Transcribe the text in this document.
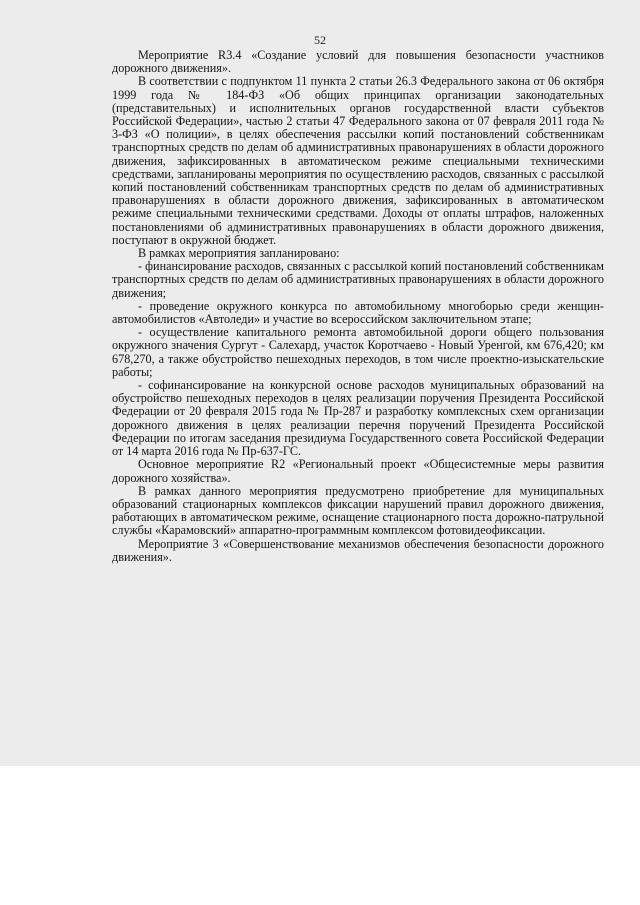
52

Мероприятие R3.4 «Создание условий для повышения безопасности участников дорожного движения».

В соответствии с подпунктом 11 пункта 2 статьи 26.3 Федерального закона от 06 октября 1999 года № 184-ФЗ «Об общих принципах организации законодательных (представительных) и исполнительных органов государственной власти субъектов Российской Федерации», частью 2 статьи 47 Федерального закона от 07 февраля 2011 года № 3-ФЗ «О полиции», в целях обеспечения рассылки копий постановлений собственникам транспортных средств по делам об административных правонарушениях в области дорожного движения, зафиксированных в автоматическом режиме специальными техническими средствами, запланированы мероприятия по осуществлению расходов, связанных с рассылкой копий постановлений собственникам транспортных средств по делам об административных правонарушениях в области дорожного движения, зафиксированных в автоматическом режиме специальными техническими средствами. Доходы от оплаты штрафов, наложенных постановлениями об административных правонарушениях в области дорожного движения, поступают в окружной бюджет.

В рамках мероприятия запланировано:

- финансирование расходов, связанных с рассылкой копий постановлений собственникам транспортных средств по делам об административных правонарушениях в области дорожного движения;

- проведение окружного конкурса по автомобильному многоборью среди женщин-автомобилистов «Автоледи» и участие во всероссийском заключительном этапе;

- осуществление капитального ремонта автомобильной дороги общего пользования окружного значения Сургут - Салехард, участок Коротчаево - Новый Уренгой, км 676,420; км 678,270, а также обустройство пешеходных переходов, в том числе проектно-изыскательские работы;

- софинансирование на конкурсной основе расходов муниципальных образований на обустройство пешеходных переходов в целях реализации поручения Президента Российской Федерации от 20 февраля 2015 года № Пр-287 и разработку комплексных схем организации дорожного движения в целях реализации перечня поручений Президента Российской Федерации по итогам заседания президиума Государственного совета Российской Федерации от 14 марта 2016 года № Пр-637-ГС.

Основное мероприятие R2 «Региональный проект «Общесистемные меры развития дорожного хозяйства».

В рамках данного мероприятия предусмотрено приобретение для муниципальных образований стационарных комплексов фиксации нарушений правил дорожного движения, работающих в автоматическом режиме, оснащение стационарного поста дорожно-патрульной службы «Карамовский» аппаратно-программным комплексом фотовидеофиксации.

Мероприятие 3 «Совершенствование механизмов обеспечения безопасности дорожного движения».
